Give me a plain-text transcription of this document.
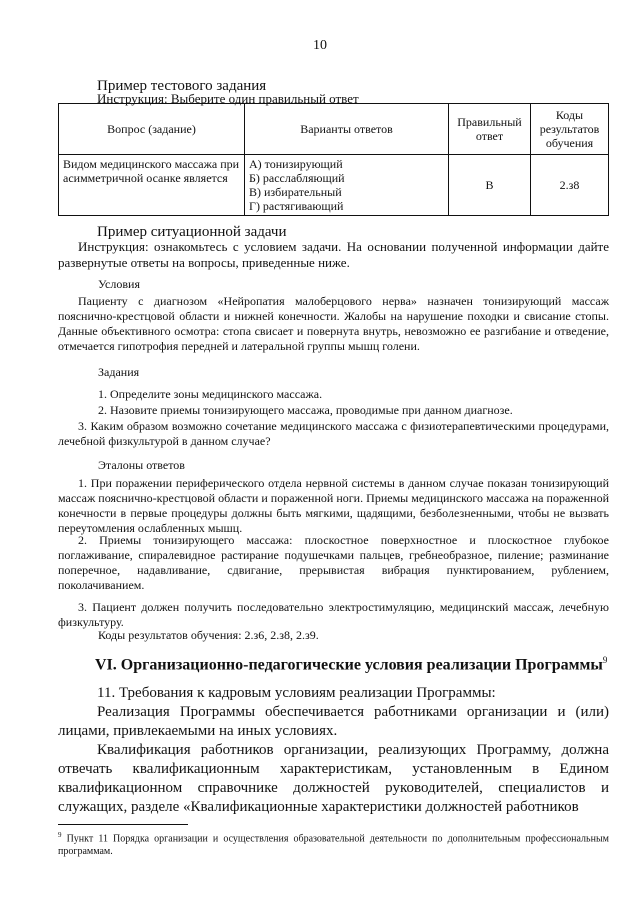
10
Пример тестового задания
Инструкция: Выберите один правильный ответ
Вопрос (задание)	Варианты ответов	Правильный ответ	Коды результатов обучения
Видом медицинского массажа при асимметричной осанке является	А) тонизирующий
Б) расслабляющий
В) избирательный
Г) растягивающий	В	2.з8
Пример ситуационной задачи
Инструкция: ознакомьтесь с условием задачи. На основании полученной информации дайте развернутые ответы на вопросы, приведенные ниже.
Условия
Пациенту с диагнозом «Нейропатия малоберцового нерва» назначен тонизирующий массаж пояснично-крестцовой области и нижней конечности. Жалобы на нарушение походки и свисание стопы. Данные объективного осмотра: стопа свисает и повернута внутрь, невозможно ее разгибание и отведение, отмечается гипотрофия передней и латеральной группы мышц голени.
Задания
1. Определите зоны медицинского массажа.
2. Назовите приемы тонизирующего массажа, проводимые при данном диагнозе.
3. Каким образом возможно сочетание медицинского массажа с физиотерапевтическими процедурами, лечебной физкультурой в данном случае?
Эталоны ответов
1. При поражении периферического отдела нервной системы в данном случае показан тонизирующий массаж пояснично-крестцовой области и пораженной ноги. Приемы медицинского массажа на пораженной конечности в первые процедуры должны быть мягкими, щадящими, безболезненными, чтобы не вызвать переутомления ослабленных мышц.
2. Приемы тонизирующего массажа: плоскостное поверхностное и плоскостное глубокое поглаживание, спиралевидное растирание подушечками пальцев, гребнеобразное, пиление; разминание поперечное, надавливание, сдвигание, прерывистая вибрация пунктированием, рублением, поколачиванием.
3. Пациент должен получить последовательно электростимуляцию, медицинский массаж, лечебную физкультуру.
Коды результатов обучения: 2.з6, 2.з8, 2.з9.
VI. Организационно-педагогические условия реализации Программы$^9$
11. Требования к кадровым условиям реализации Программы:
Реализация Программы обеспечивается работниками организации и (или) лицами, привлекаемыми на иных условиях.
Квалификация работников организации, реализующих Программу, должна отвечать квалификационным характеристикам, установленным в Едином квалификационном справочнике должностей руководителей, специалистов и служащих, разделе «Квалификационные характеристики должностей работников
$^9$ Пункт 11 Порядка организации и осуществления образовательной деятельности по дополнительным профессиональным программам.
